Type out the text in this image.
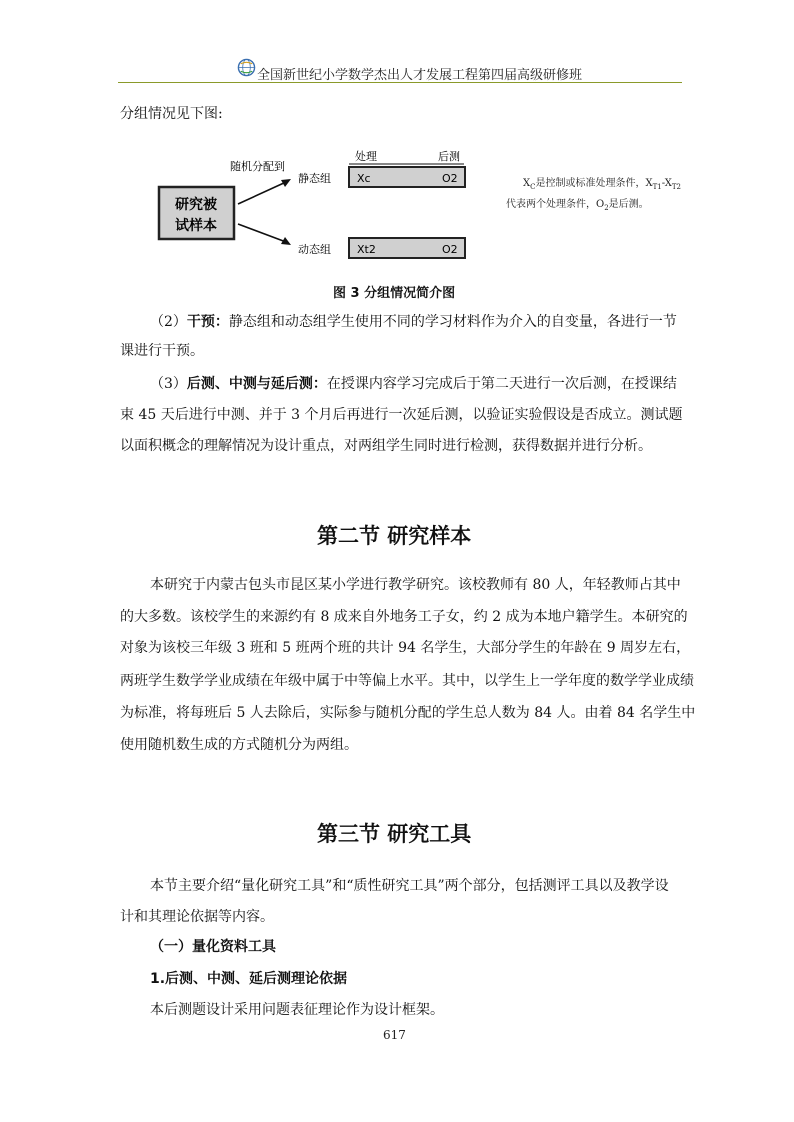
全国新世纪小学数学杰出人才发展工程第四届高级研修班
分组情况见下图:
研究被
试样本
随机分配到
静态组
动态组
处理	后测
Xc	O2
Xt2	O2
$X_C$是控制或标准处理条件，$X_{T1}-X_{T2}$
代表两个处理条件，$O_2$是后测。
图 3 分组情况简介图
（2）干预：静态组和动态组学生使用不同的学习材料作为介入的自变量，各进行一节
课进行干预。
（3）后测、中测与延后测：在授课内容学习完成后于第二天进行一次后测，在授课结
束 45 天后进行中测、并于 3 个月后再进行一次延后测，以验证实验假设是否成立。测试题
以面积概念的理解情况为设计重点，对两组学生同时进行检测，获得数据并进行分析。
第二节 研究样本
本研究于内蒙古包头市昆区某小学进行教学研究。该校教师有 80 人，年轻教师占其中
的大多数。该校学生的来源约有 8 成来自外地务工子女，约 2 成为本地户籍学生。本研究的
对象为该校三年级 3 班和 5 班两个班的共计 94 名学生，大部分学生的年龄在 9 周岁左右，
两班学生数学学业成绩在年级中属于中等偏上水平。其中，以学生上一学年度的数学学业成绩
为标准，将每班后 5 人去除后，实际参与随机分配的学生总人数为 84 人。由着 84 名学生中
使用随机数生成的方式随机分为两组。
第三节 研究工具
本节主要介绍“量化研究工具”和“质性研究工具”两个部分，包括测评工具以及教学设
计和其理论依据等内容。
（一）量化资料工具
1.后测、中测、延后测理论依据
本后测题设计采用问题表征理论作为设计框架。
617
